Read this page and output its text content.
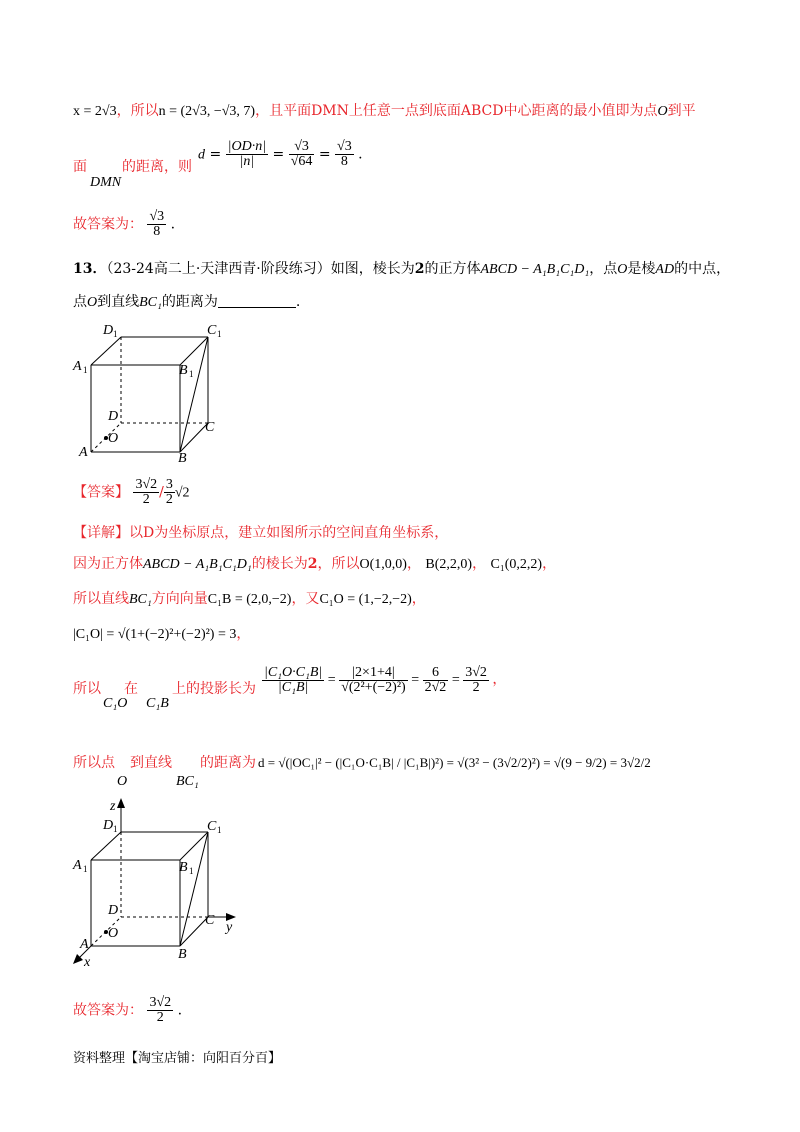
x = 2√3，所以n = (2√3, −√3, 7)，且平面DMN上任意一点到底面ABCD中心距离的最小值即为点O到平
面
DMN
的距离，则
$d = \frac{|OD\cdot n|}{|n|} = \frac{√3}{√64} = \frac{√3}{8}$ .
故答案为： $\frac{√3}{8}$ .
13．（23-24高二上·天津西青·阶段练习）如图，棱长为2的正方体ABCD − A₁B₁C₁D₁，点O是棱AD的中点，
点O到直线BC₁的距离为	.
D 1	C 1
A 1	B 1
D
C
A
O
B
【答案】 $\frac{3√2}{2} / \frac{3}{2} √2$
【详解】以D为坐标原点，建立如图所示的空间直角坐标系，
因为正方体ABCD − A₁B₁C₁D₁的棱长为2，所以O(1,0,0)， B(2,2,0)， C₁(0,2,2)，
所以直线BC₁方向向量C₁B = (2,0,−2)，又C₁O = (1,−2,−2)，
|C₁O| = √(1+(−2)²+(−2)²) = 3，
所以
C₁O
在
C₁B
上的投影长为 $\frac{\text{|C₁O·C₁B|}}{\text{|C₁B|}} = \frac{|2\times 1+4|}{\text{√(2²+(−2)²)}} = \frac{6}{2√2} = \frac{3√2}{2}$ ，
所以点
O
到直线
BC₁
的距离为 d = √(|OC₁|² − (|C₁O·C₁B| / |C₁B|)²) = √(3² − (3√2/2)²) = √(9 − 9/2) = 3√2/2
z
y
x
D 1	C 1
A 1	B 1
D
C
A
O
B
故答案为： $\frac{3√2}{2}$ .
资料整理【淘宝店铺：向阳百分百】
